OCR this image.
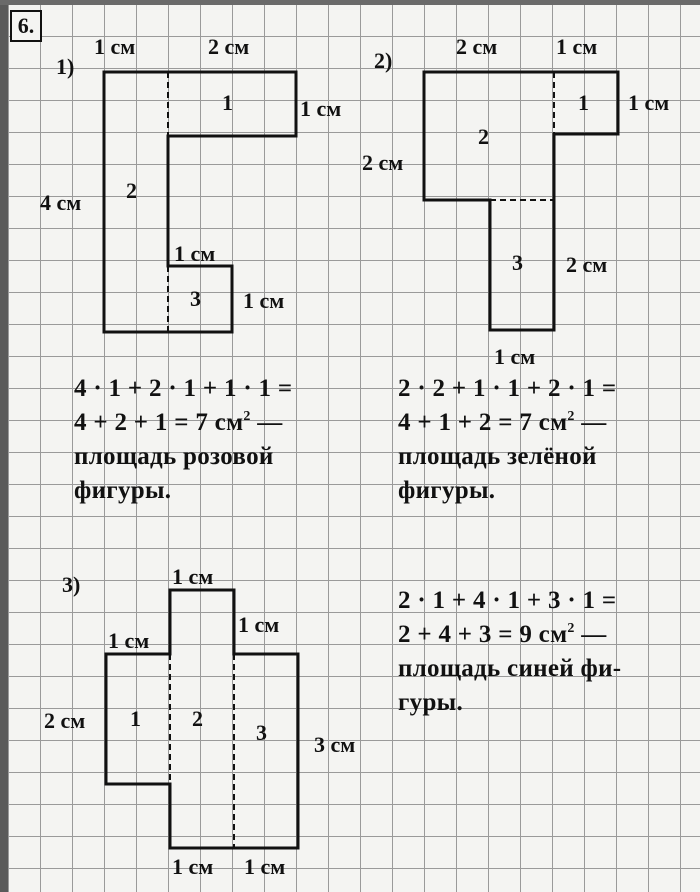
6.
1)
1 см	2 см
1 см
4 см
1 см
1 см
1
2
3
2)
2 см	1 см
1 см
2 см
2 см
1 см
1
2
3
4 · 1 + 2 · 1 + 1 · 1 =
4 + 2 + 1 = 7 $см^2$ —
площадь розовой
фигуры.
2 · 2 + 1 · 1 + 2 · 1 =
4 + 1 + 2 = 7 $см^2$ —
площадь зелёной
фигуры.
3)	1 см
1 см
1 см
2 см
3 см
1 см 1 см
1 2
3
2 · 1 + 4 · 1 + 3 · 1 =
2 + 4 + 3 = 9 $см^2$ —
площадь синей фи-
гуры.
